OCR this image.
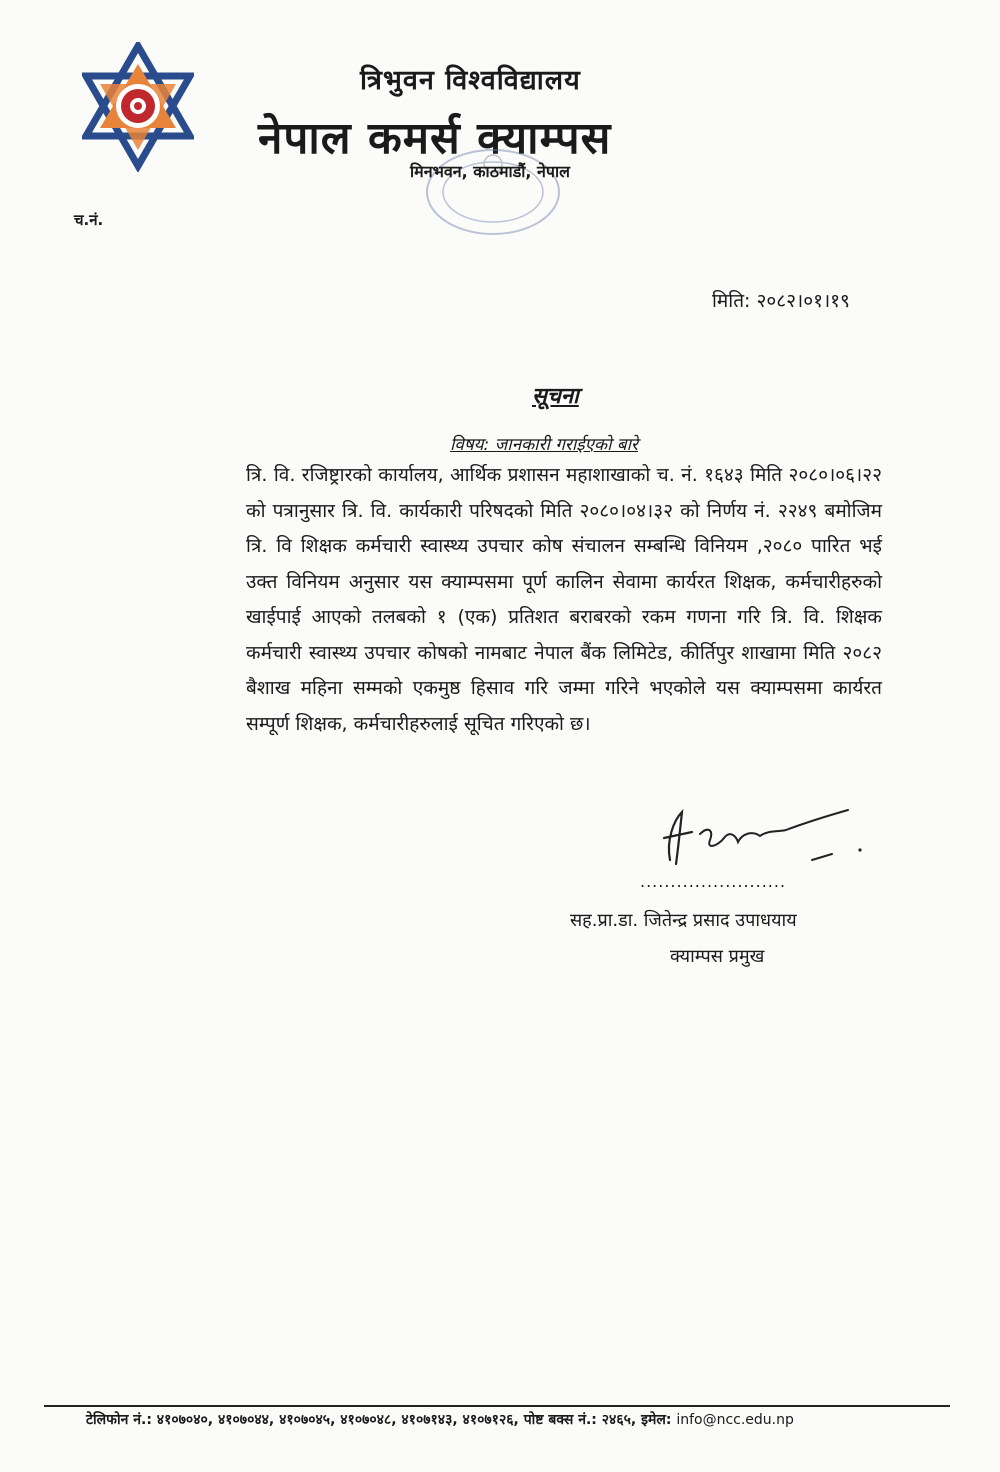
त्रिभुवन विश्वविद्यालय
नेपाल कमर्स क्याम्पस
मिनभवन, काठमाडौं, नेपाल
च.नं.
मिति: २०८२।०१।१९
सूचना
विषय: जानकारी गराईएको बारे
त्रि. वि. रजिष्ट्रारको कार्यालय, आर्थिक प्रशासन महाशाखाको च. नं. १६४३ मिति २०८०।०६।२२ को पत्रानुसार त्रि. वि. कार्यकारी परिषदको मिति २०८०।०४।३२ को निर्णय नं. २२४९ बमोजिम त्रि. वि शिक्षक कर्मचारी स्वास्थ्य उपचार कोष संचालन सम्बन्धि विनियम ,२०८० पारित भई उक्त विनियम अनुसार यस क्याम्पसमा पूर्ण कालिन सेवामा कार्यरत शिक्षक, कर्मचारीहरुको खाईपाई आएको तलबको १ (एक) प्रतिशत बराबरको रकम गणना गरि त्रि. वि. शिक्षक कर्मचारी स्वास्थ्य उपचार कोषको नामबाट नेपाल बैंक लिमिटेड, कीर्तिपुर शाखामा मिति २०८२ बैशाख महिना सम्मको एकमुष्ठ हिसाव गरि जम्मा गरिने भएकोले यस क्याम्पसमा कार्यरत सम्पूर्ण शिक्षक, कर्मचारीहरुलाई सूचित गरिएको छ।
........................
सह.प्रा.डा. जितेन्द्र प्रसाद उपाधयाय
क्याम्पस प्रमुख
टेलिफोन नं.: ४१०७०४०, ४१०७०४४, ४१०७०४५, ४१०७०४८, ४१०७१४३, ४१०७१२६, पोष्ट बक्स नं.: २४६५, इमेल: info@ncc.edu.np
